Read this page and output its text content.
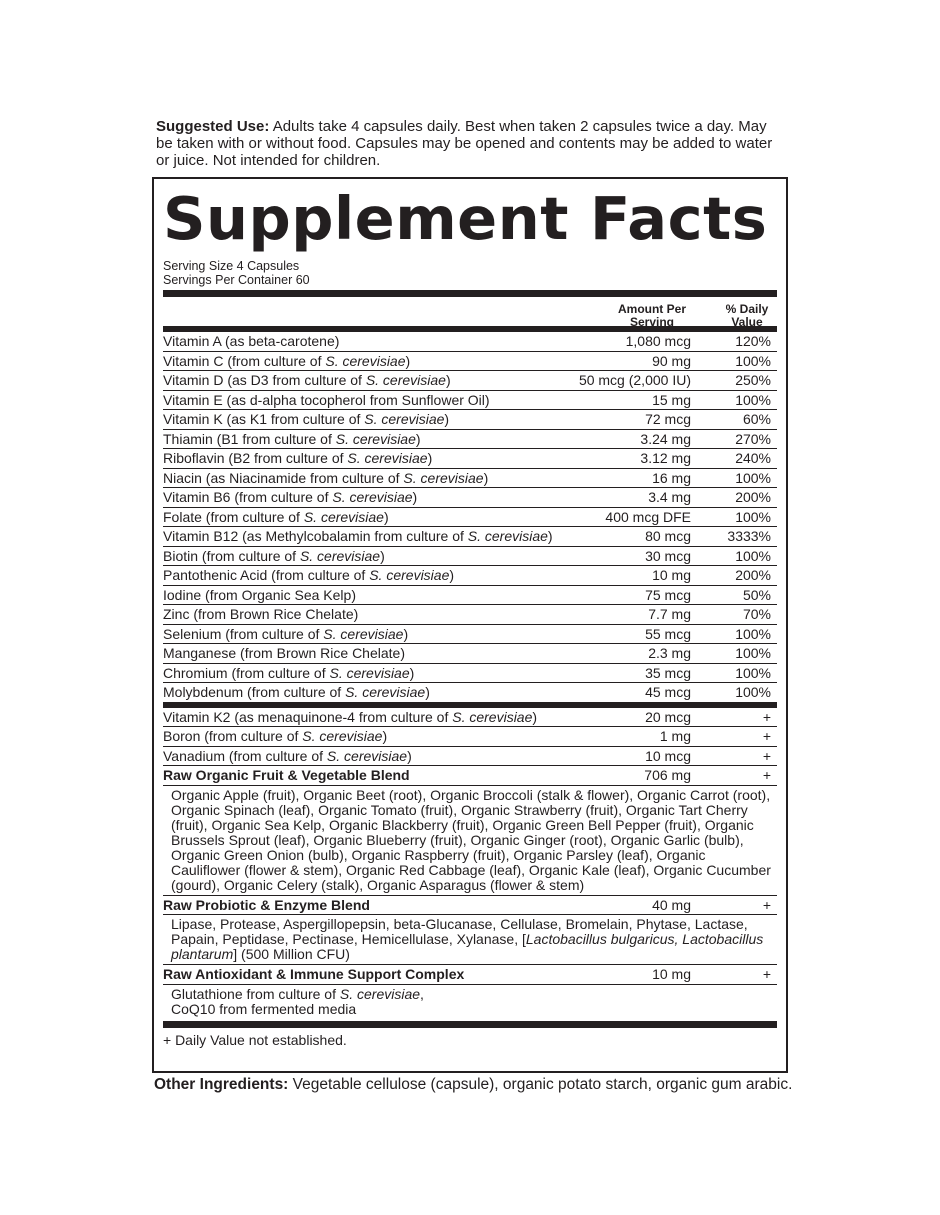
Suggested Use: Adults take 4 capsules daily. Best when taken 2 capsules twice a day. May be taken with or without food. Capsules may be opened and contents may be added to water or juice. Not intended for children.
Supplement Facts
Serving Size 4 Capsules
Servings Per Container 60
Amount Per
Serving
% Daily
Value
Vitamin A (as beta-carotene)	1,080 mcg	120%
Vitamin C (from culture of S. cerevisiae)	90 mg	100%
Vitamin D (as D3 from culture of S. cerevisiae)	50 mcg (2,000 IU)	250%
Vitamin E (as d-alpha tocopherol from Sunflower Oil)	15 mg	100%
Vitamin K (as K1 from culture of S. cerevisiae)	72 mcg	60%
Thiamin (B1 from culture of S. cerevisiae)	3.24 mg	270%
Riboflavin (B2 from culture of S. cerevisiae)	3.12 mg	240%
Niacin (as Niacinamide from culture of S. cerevisiae)	16 mg	100%
Vitamin B6 (from culture of S. cerevisiae)	3.4 mg	200%
Folate (from culture of S. cerevisiae)	400 mcg DFE	100%
Vitamin B12 (as Methylcobalamin from culture of S. cerevisiae)	80 mcg	3333%
Biotin (from culture of S. cerevisiae)	30 mcg	100%
Pantothenic Acid (from culture of S. cerevisiae)	10 mg	200%
Iodine (from Organic Sea Kelp)	75 mcg	50%
Zinc (from Brown Rice Chelate)	7.7 mg	70%
Selenium (from culture of S. cerevisiae)	55 mcg	100%
Manganese (from Brown Rice Chelate)	2.3 mg	100%
Chromium (from culture of S. cerevisiae)	35 mcg	100%
Molybdenum (from culture of S. cerevisiae)	45 mcg	100%
Vitamin K2 (as menaquinone-4 from culture of S. cerevisiae)	20 mcg	+
Boron (from culture of S. cerevisiae)	1 mg	+
Vanadium (from culture of S. cerevisiae)	10 mcg	+
Raw Organic Fruit & Vegetable Blend	706 mg	+
Organic Apple (fruit), Organic Beet (root), Organic Broccoli (stalk & flower), Organic Carrot (root), Organic Spinach (leaf), Organic Tomato (fruit), Organic Strawberry (fruit), Organic Tart Cherry (fruit), Organic Sea Kelp, Organic Blackberry (fruit), Organic Green Bell Pepper (fruit), Organic Brussels Sprout (leaf), Organic Blueberry (fruit), Organic Ginger (root), Organic Garlic (bulb), Organic Green Onion (bulb), Organic Raspberry (fruit), Organic Parsley (leaf), Organic Cauliflower (flower & stem), Organic Red Cabbage (leaf), Organic Kale (leaf), Organic Cucumber (gourd), Organic Celery (stalk), Organic Asparagus (flower & stem)
Raw Probiotic & Enzyme Blend	40 mg	+
Lipase, Protease, Aspergillopepsin, beta-Glucanase, Cellulase, Bromelain, Phytase, Lactase, Papain, Peptidase, Pectinase, Hemicellulase, Xylanase, [Lactobacillus bulgaricus, Lactobacillus plantarum] (500 Million CFU)
Raw Antioxidant & Immune Support Complex	10 mg	+
Glutathione from culture of S. cerevisiae,
CoQ10 from fermented media
+ Daily Value not established.
Other Ingredients: Vegetable cellulose (capsule), organic potato starch, organic gum arabic.
